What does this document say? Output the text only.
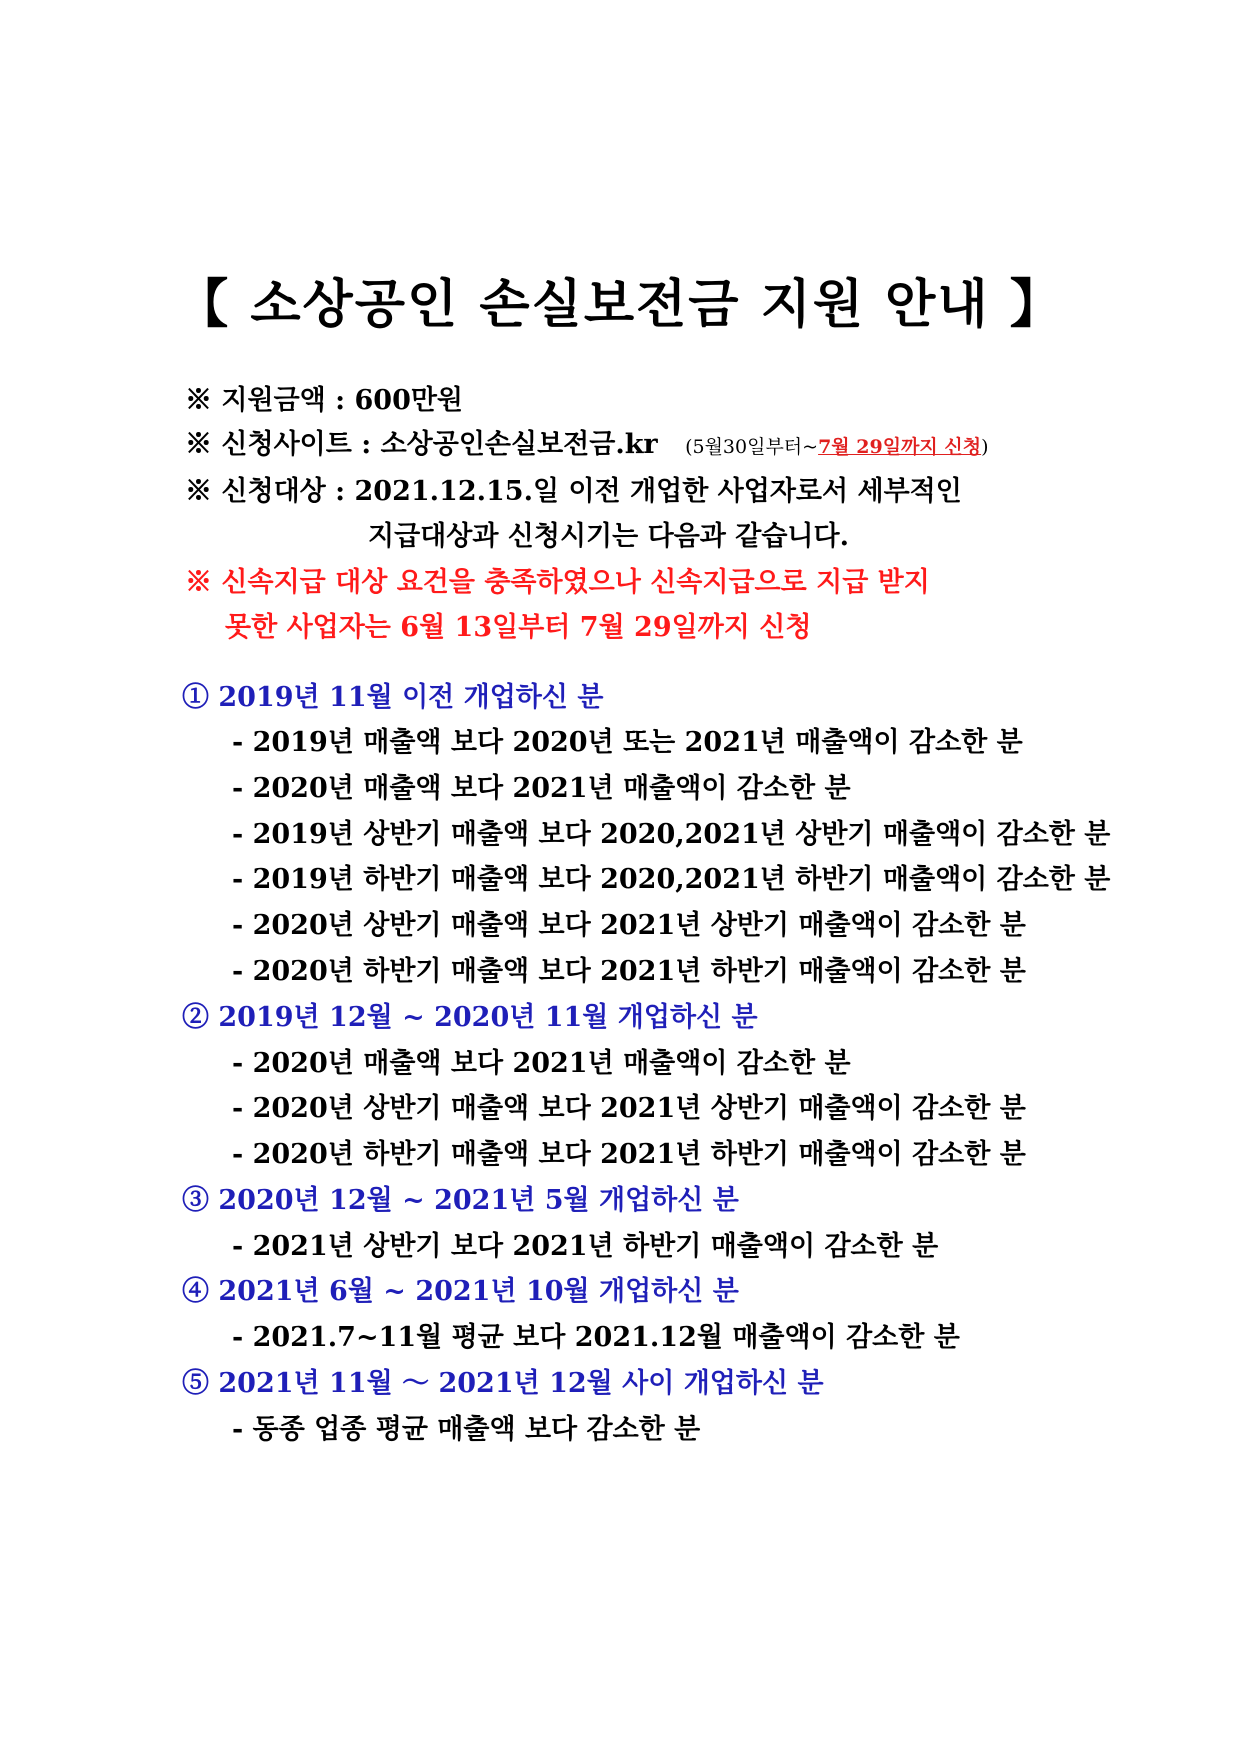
【 소상공인 손실보전금 지원 안내 】
※ 지원금액 : 600만원
※ 신청사이트 : 소상공인손실보전금.kr (5월30일부터~7월 29일까지 신청)
※ 신청대상 : 2021.12.15.일 이전 개업한 사업자로서 세부적인
지급대상과 신청시기는 다음과 같습니다.
※ 신속지급 대상 요건을 충족하였으나 신속지급으로 지급 받지
못한 사업자는 6월 13일부터 7월 29일까지 신청
① 2019년 11월 이전 개업하신 분
- 2019년 매출액 보다 2020년 또는 2021년 매출액이 감소한 분
- 2020년 매출액 보다 2021년 매출액이 감소한 분
- 2019년 상반기 매출액 보다 2020,2021년 상반기 매출액이 감소한 분
- 2019년 하반기 매출액 보다 2020,2021년 하반기 매출액이 감소한 분
- 2020년 상반기 매출액 보다 2021년 상반기 매출액이 감소한 분
- 2020년 하반기 매출액 보다 2021년 하반기 매출액이 감소한 분
② 2019년 12월 ~ 2020년 11월 개업하신 분
- 2020년 매출액 보다 2021년 매출액이 감소한 분
- 2020년 상반기 매출액 보다 2021년 상반기 매출액이 감소한 분
- 2020년 하반기 매출액 보다 2021년 하반기 매출액이 감소한 분
③ 2020년 12월 ~ 2021년 5월 개업하신 분
- 2021년 상반기 보다 2021년 하반기 매출액이 감소한 분
④ 2021년 6월 ~ 2021년 10월 개업하신 분
- 2021.7~11월 평균 보다 2021.12월 매출액이 감소한 분
⑤ 2021년 11월 ～ 2021년 12월 사이 개업하신 분
- 동종 업종 평균 매출액 보다 감소한 분
